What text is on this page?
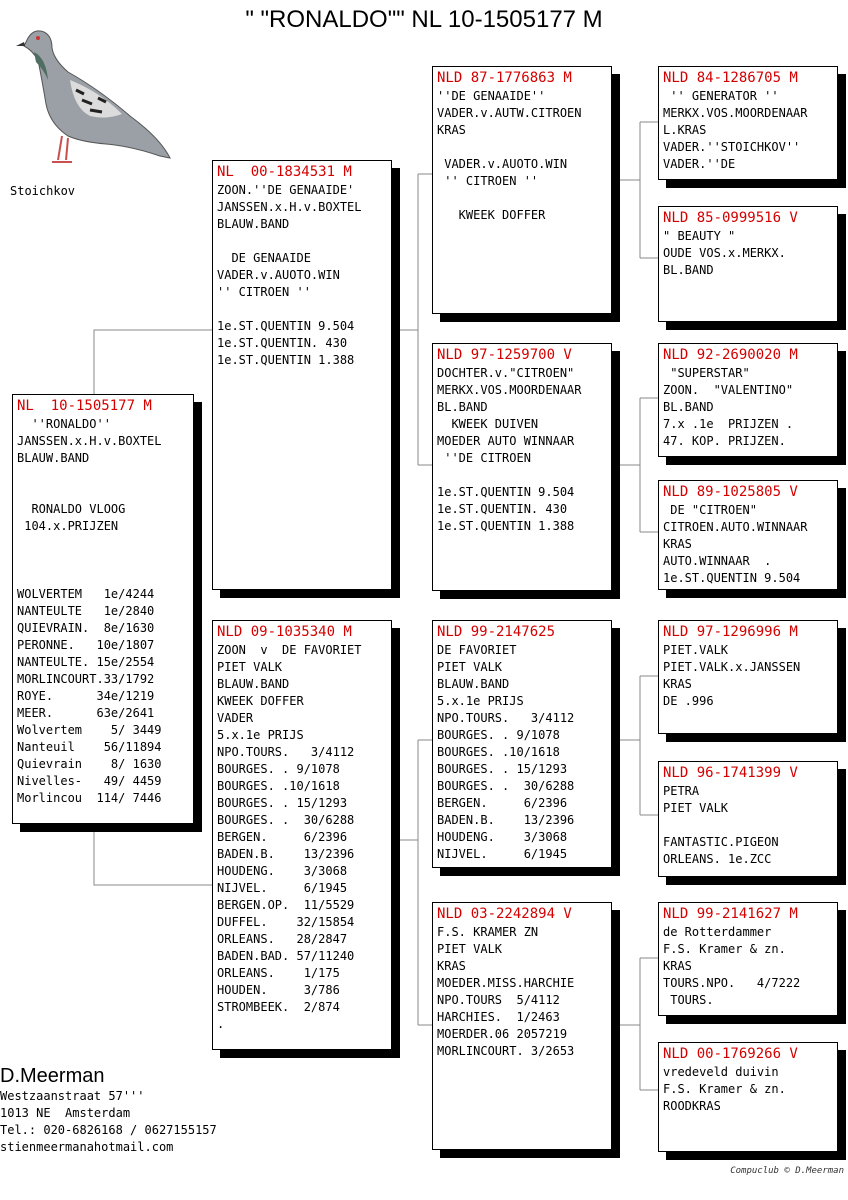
" "RONALDO"" NL 10-1505177 M
Stoichkov
NL  10-1505177 M
''RONALDO''
JANSSEN.x.H.v.BOXTEL
BLAUW.BAND
RONALDO VLOOG
104.x.PRIJZEN
WOLVERTEM   1e/4244
NANTEULTE   1e/2840
QUIEVRAIN.  8e/1630
PERONNE.   10e/1807
NANTEULTE. 15e/2554
MORLINCOURT.33/1792
ROYE.      34e/1219
MEER.      63e/2641
Wolvertem    5/ 3449
Nanteuil    56/11894
Quievrain    8/ 1630
Nivelles-   49/ 4459
Morlincou  114/ 7446
NL  00-1834531 M
ZOON.''DE GENAAIDE'
JANSSEN.x.H.v.BOXTEL
BLAUW.BAND
DE GENAAIDE
VADER.v.AUOTO.WIN
'' CITROEN ''
1e.ST.QUENTIN 9.504
1e.ST.QUENTIN. 430
1e.ST.QUENTIN 1.388
NLD 09-1035340 M
ZOON  v  DE FAVORIET
PIET VALK
BLAUW.BAND
KWEEK DOFFER
VADER
5.x.1e PRIJS
NPO.TOURS.   3/4112
BOURGES. . 9/1078
BOURGES. .10/1618
BOURGES. . 15/1293
BOURGES. .  30/6288
BERGEN.     6/2396
BADEN.B.    13/2396
HOUDENG.    3/3068
NIJVEL.     6/1945
BERGEN.OP.  11/5529
DUFFEL.    32/15854
ORLEANS.   28/2847
BADEN.BAD. 57/11240
ORLEANS.    1/175
HOUDEN.     3/786
STROMBEEK.  2/874
.
NLD 87-1776863 M
''DE GENAAIDE''
VADER.v.AUTW.CITROEN
KRAS
VADER.v.AUOTO.WIN
'' CITROEN ''
KWEEK DOFFER
NLD 97-1259700 V
DOCHTER.v."CITROEN"
MERKX.VOS.MOORDENAAR
BL.BAND
KWEEK DUIVEN
MOEDER AUTO WINNAAR
''DE CITROEN
1e.ST.QUENTIN 9.504
1e.ST.QUENTIN. 430
1e.ST.QUENTIN 1.388
NLD 99-2147625
DE FAVORIET
PIET VALK
BLAUW.BAND
5.x.1e PRIJS
NPO.TOURS.   3/4112
BOURGES. . 9/1078
BOURGES. .10/1618
BOURGES. . 15/1293
BOURGES. .  30/6288
BERGEN.     6/2396
BADEN.B.    13/2396
HOUDENG.    3/3068
NIJVEL.     6/1945
NLD 03-2242894 V
F.S. KRAMER ZN
PIET VALK
KRAS
MOEDER.MISS.HARCHIE
NPO.TOURS  5/4112
HARCHIES.  1/2463
MOERDER.06 2057219
MORLINCOURT. 3/2653
NLD 84-1286705 M
'' GENERATOR ''
MERKX.VOS.MOORDENAAR
L.KRAS
VADER.''STOICHKOV''
VADER.''DE
NLD 85-0999516 V
" BEAUTY "
OUDE VOS.x.MERKX.
BL.BAND
NLD 92-2690020 M
"SUPERSTAR"
ZOON.  "VALENTINO"
BL.BAND
7.x .1e  PRIJZEN .
47. KOP. PRIJZEN.
NLD 89-1025805 V
DE "CITROEN"
CITROEN.AUTO.WINNAAR
KRAS
AUTO.WINNAAR  .
1e.ST.QUENTIN 9.504
NLD 97-1296996 M
PIET.VALK
PIET.VALK.x.JANSSEN
KRAS
DE .996
NLD 96-1741399 V
PETRA
PIET VALK
FANTASTIC.PIGEON
ORLEANS. 1e.ZCC
NLD 99-2141627 M
de Rotterdammer
F.S. Kramer & zn.
KRAS
TOURS.NPO.   4/7222
TOURS.
NLD 00-1769266 V
vredeveld duivin
F.S. Kramer & zn.
ROODKRAS
D.Meerman
Westzaanstraat 57'''
1013 NE  Amsterdam
Tel.: 020-6826168 / 0627155157
stienmeermanahotmail.com
Compuclub © D.Meerman
